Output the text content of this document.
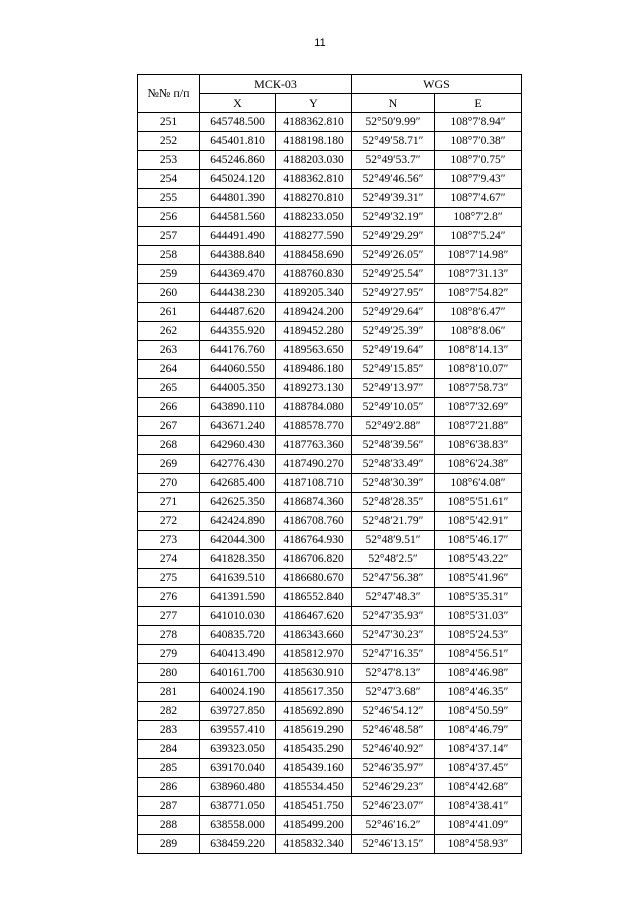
11
№№ п/п	МСК-03		WGS	
	X	Y	N	E
251	645748.500	4188362.810	52°50′9.99″	108°7′8.94″
252	645401.810	4188198.180	52°49′58.71″	108°7′0.38″
253	645246.860	4188203.030	52°49′53.7″	108°7′0.75″
254	645024.120	4188362.810	52°49′46.56″	108°7′9.43″
255	644801.390	4188270.810	52°49′39.31″	108°7′4.67″
256	644581.560	4188233.050	52°49′32.19″	108°7′2.8″
257	644491.490	4188277.590	52°49′29.29″	108°7′5.24″
258	644388.840	4188458.690	52°49′26.05″	108°7′14.98″
259	644369.470	4188760.830	52°49′25.54″	108°7′31.13″
260	644438.230	4189205.340	52°49′27.95″	108°7′54.82″
261	644487.620	4189424.200	52°49′29.64″	108°8′6.47″
262	644355.920	4189452.280	52°49′25.39″	108°8′8.06″
263	644176.760	4189563.650	52°49′19.64″	108°8′14.13″
264	644060.550	4189486.180	52°49′15.85″	108°8′10.07″
265	644005.350	4189273.130	52°49′13.97″	108°7′58.73″
266	643890.110	4188784.080	52°49′10.05″	108°7′32.69″
267	643671.240	4188578.770	52°49′2.88″	108°7′21.88″
268	642960.430	4187763.360	52°48′39.56″	108°6′38.83″
269	642776.430	4187490.270	52°48′33.49″	108°6′24.38″
270	642685.400	4187108.710	52°48′30.39″	108°6′4.08″
271	642625.350	4186874.360	52°48′28.35″	108°5′51.61″
272	642424.890	4186708.760	52°48′21.79″	108°5′42.91″
273	642044.300	4186764.930	52°48′9.51″	108°5′46.17″
274	641828.350	4186706.820	52°48′2.5″	108°5′43.22″
275	641639.510	4186680.670	52°47′56.38″	108°5′41.96″
276	641391.590	4186552.840	52°47′48.3″	108°5′35.31″
277	641010.030	4186467.620	52°47′35.93″	108°5′31.03″
278	640835.720	4186343.660	52°47′30.23″	108°5′24.53″
279	640413.490	4185812.970	52°47′16.35″	108°4′56.51″
280	640161.700	4185630.910	52°47′8.13″	108°4′46.98″
281	640024.190	4185617.350	52°47′3.68″	108°4′46.35″
282	639727.850	4185692.890	52°46′54.12″	108°4′50.59″
283	639557.410	4185619.290	52°46′48.58″	108°4′46.79″
284	639323.050	4185435.290	52°46′40.92″	108°4′37.14″
285	639170.040	4185439.160	52°46′35.97″	108°4′37.45″
286	638960.480	4185534.450	52°46′29.23″	108°4′42.68″
287	638771.050	4185451.750	52°46′23.07″	108°4′38.41″
288	638558.000	4185499.200	52°46′16.2″	108°4′41.09″
289	638459.220	4185832.340	52°46′13.15″	108°4′58.93″
